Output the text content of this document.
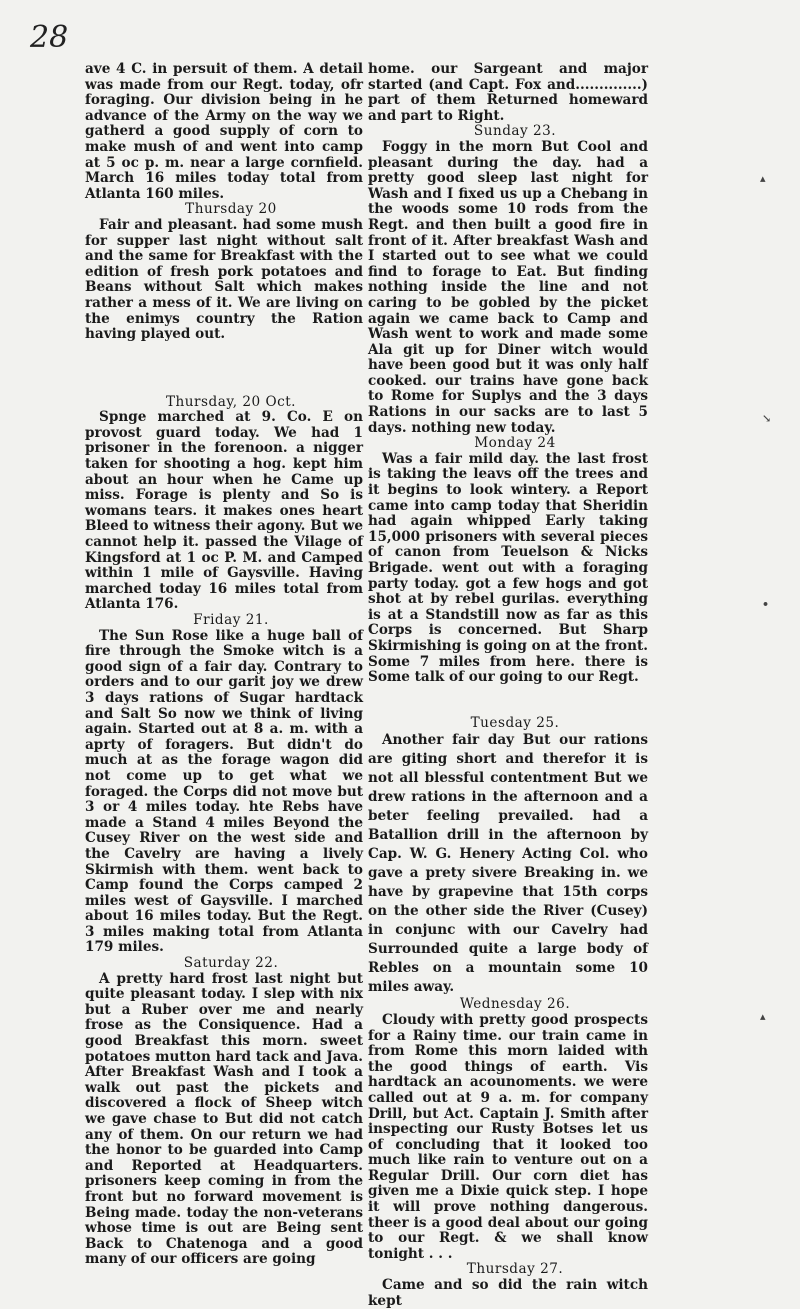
28

ave 4 C. in persuit of them. A detail was made from our Regt. today, ofr foraging. Our division being in he advance of the Army on the way we gatherd a good supply of corn to make mush of and went into camp at 5 oc p. m. near a large cornfield. March 16 miles today total from Atlanta 160 miles.

Thursday 20

Fair and pleasant. had some mush for supper last night without salt and the same for Breakfast with the edition of fresh pork potatoes and Beans without Salt which makes rather a mess of it. We are living on the enimys country the Ration having played out.

Thursday, 20 Oct.

Spnge marched at 9. Co. E on provost guard today. We had 1 prisoner in the forenoon. a nigger taken for shooting a hog. kept him about an hour when he Came up miss. Forage is plenty and So is womans tears. it makes ones heart Bleed to witness their agony. But we cannot help it. passed the Vilage of Kingsford at 1 oc P. M. and Camped within 1 mile of Gaysville. Having marched today 16 miles total from Atlanta 176.

Friday 21.

The Sun Rose like a huge ball of fire through the Smoke witch is a good sign of a fair day. Contrary to orders and to our garit joy we drew 3 days rations of Sugar hardtack and Salt So now we think of living again. Started out at 8 a. m. with a aprty of foragers. But didn't do much at as the forage wagon did not come up to get what we foraged. the Corps did not move but 3 or 4 miles today. hte Rebs have made a Stand 4 miles Beyond the Cusey River on the west side and the Cavelry are having a lively Skirmish with them. went back to Camp found the Corps camped 2 miles west of Gaysville. I marched about 16 miles today. But the Regt. 3 miles making total from Atlanta 179 miles.

Saturday 22.

A pretty hard frost last night but quite pleasant today. I slep with nix but a Ruber over me and nearly frose as the Consiquence. Had a good Breakfast this morn. sweet potatoes mutton hard tack and Java. After Breakfast Wash and I took a walk out past the pickets and discovered a flock of Sheep witch we gave chase to But did not catch any of them. On our return we had the honor to be guarded into Camp and Reported at Headquarters. prisoners keep coming in from the front but no forward movement is Being made. today the non-veterans whose time is out are Being sent Back to Chatenoga and a good many of our officers are going

home. our Sargeant and major started (and Capt. Fox and..............) part of them Returned homeward and part to Right.

Sunday 23.

Foggy in the morn But Cool and pleasant during the day. had a pretty good sleep last night for Wash and I fixed us up a Chebang in the woods some 10 rods from the Regt. and then built a good fire in front of it. After breakfast Wash and I started out to see what we could find to forage to Eat. But finding nothing inside the line and not caring to be gobled by the picket again we came back to Camp and Wash went to work and made some Ala git up for Diner witch would have been good but it was only half cooked. our trains have gone back to Rome for Suplys and the 3 days Rations in our sacks are to last 5 days. nothing new today.

Monday 24

Was a fair mild day. the last frost is taking the leavs off the trees and it begins to look wintery. a Report came into camp today that Sheridin had again whipped Early taking 15,000 prisoners with several pieces of canon from Teuelson & Nicks Brigade. went out with a foraging party today. got a few hogs and got shot at by rebel gurilas. everything is at a Standstill now as far as this Corps is concerned. But Sharp Skirmishing is going on at the front. Some 7 miles from here. there is Some talk of our going to our Regt.

Tuesday 25.

Another fair day But our rations are giting short and therefor it is not all blessful contentment But we drew rations in the afternoon and a beter feeling prevailed. had a Batallion drill in the afternoon by Cap. W. G. Henery Acting Col. who gave a prety sivere Breaking in. we have by grapevine that 15th corps on the other side the River (Cusey) in conjunc with our Cavelry had Surrounded quite a large body of Rebles on a mountain some 10 miles away.

Wednesday 26.

Cloudy with pretty good prospects for a Rainy time. our train came in from Rome this morn laided with the good things of earth. Vis hardtack an acounoments. we were called out at 9 a. m. for company Drill, but Act. Captain J. Smith after inspecting our Rusty Botses let us of concluding that it looked too much like rain to venture out on a Regular Drill. Our corn diet has given me a Dixie quick step. I hope it will prove nothing dangerous. theer is a good deal about our going to our Regt. & we shall know tonight . . .

Thursday 27.

Came and so did the rain witch kept

▴
↘
•
▴
